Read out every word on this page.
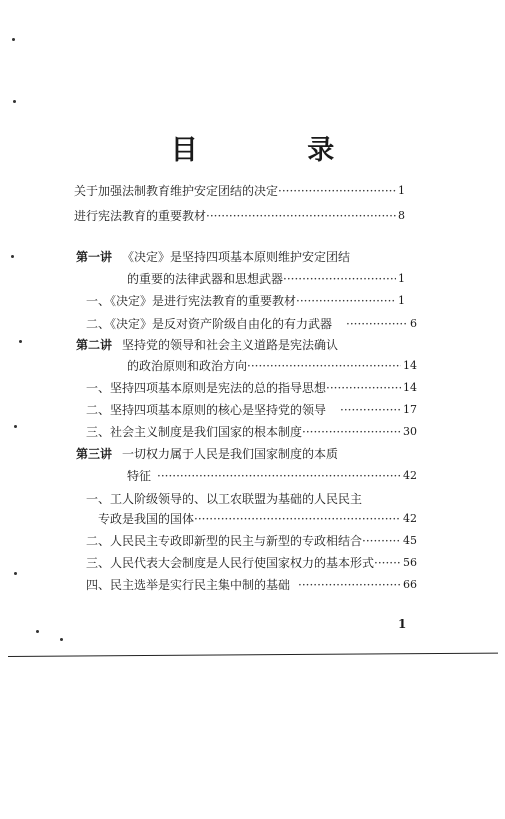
目 录
关于加强法制教育维护安定团结的决定 ·····	1
进行宪法教育的重要教材 ·····	8
第一讲 《决定》是坚持四项基本原则维护安定团结
的重要的法律武器和思想武器 ·····	1
一、《决定》是进行宪法教育的重要教材 ·····	1
二、《决定》是反对资产阶级自由化的有力武器 ·····	6
第二讲 坚持党的领导和社会主义道路是宪法确认
的政治原则和政治方向 ·····	14
一、坚持四项基本原则是宪法的总的指导思想 ·····	14
二、坚持四项基本原则的核心是坚持党的领导 ·····	17
三、社会主义制度是我们国家的根本制度 ·····	30
第三讲 一切权力属于人民是我们国家制度的本质
特征 ·····	42
一、工人阶级领导的、以工农联盟为基础的人民民主
专政是我国的国体 ·····	42
二、人民民主专政即新型的民主与新型的专政相结合 ·····	45
三、人民代表大会制度是人民行使国家权力的基本形式 ·····	56
四、民主选举是实行民主集中制的基础 ·····	66
1
